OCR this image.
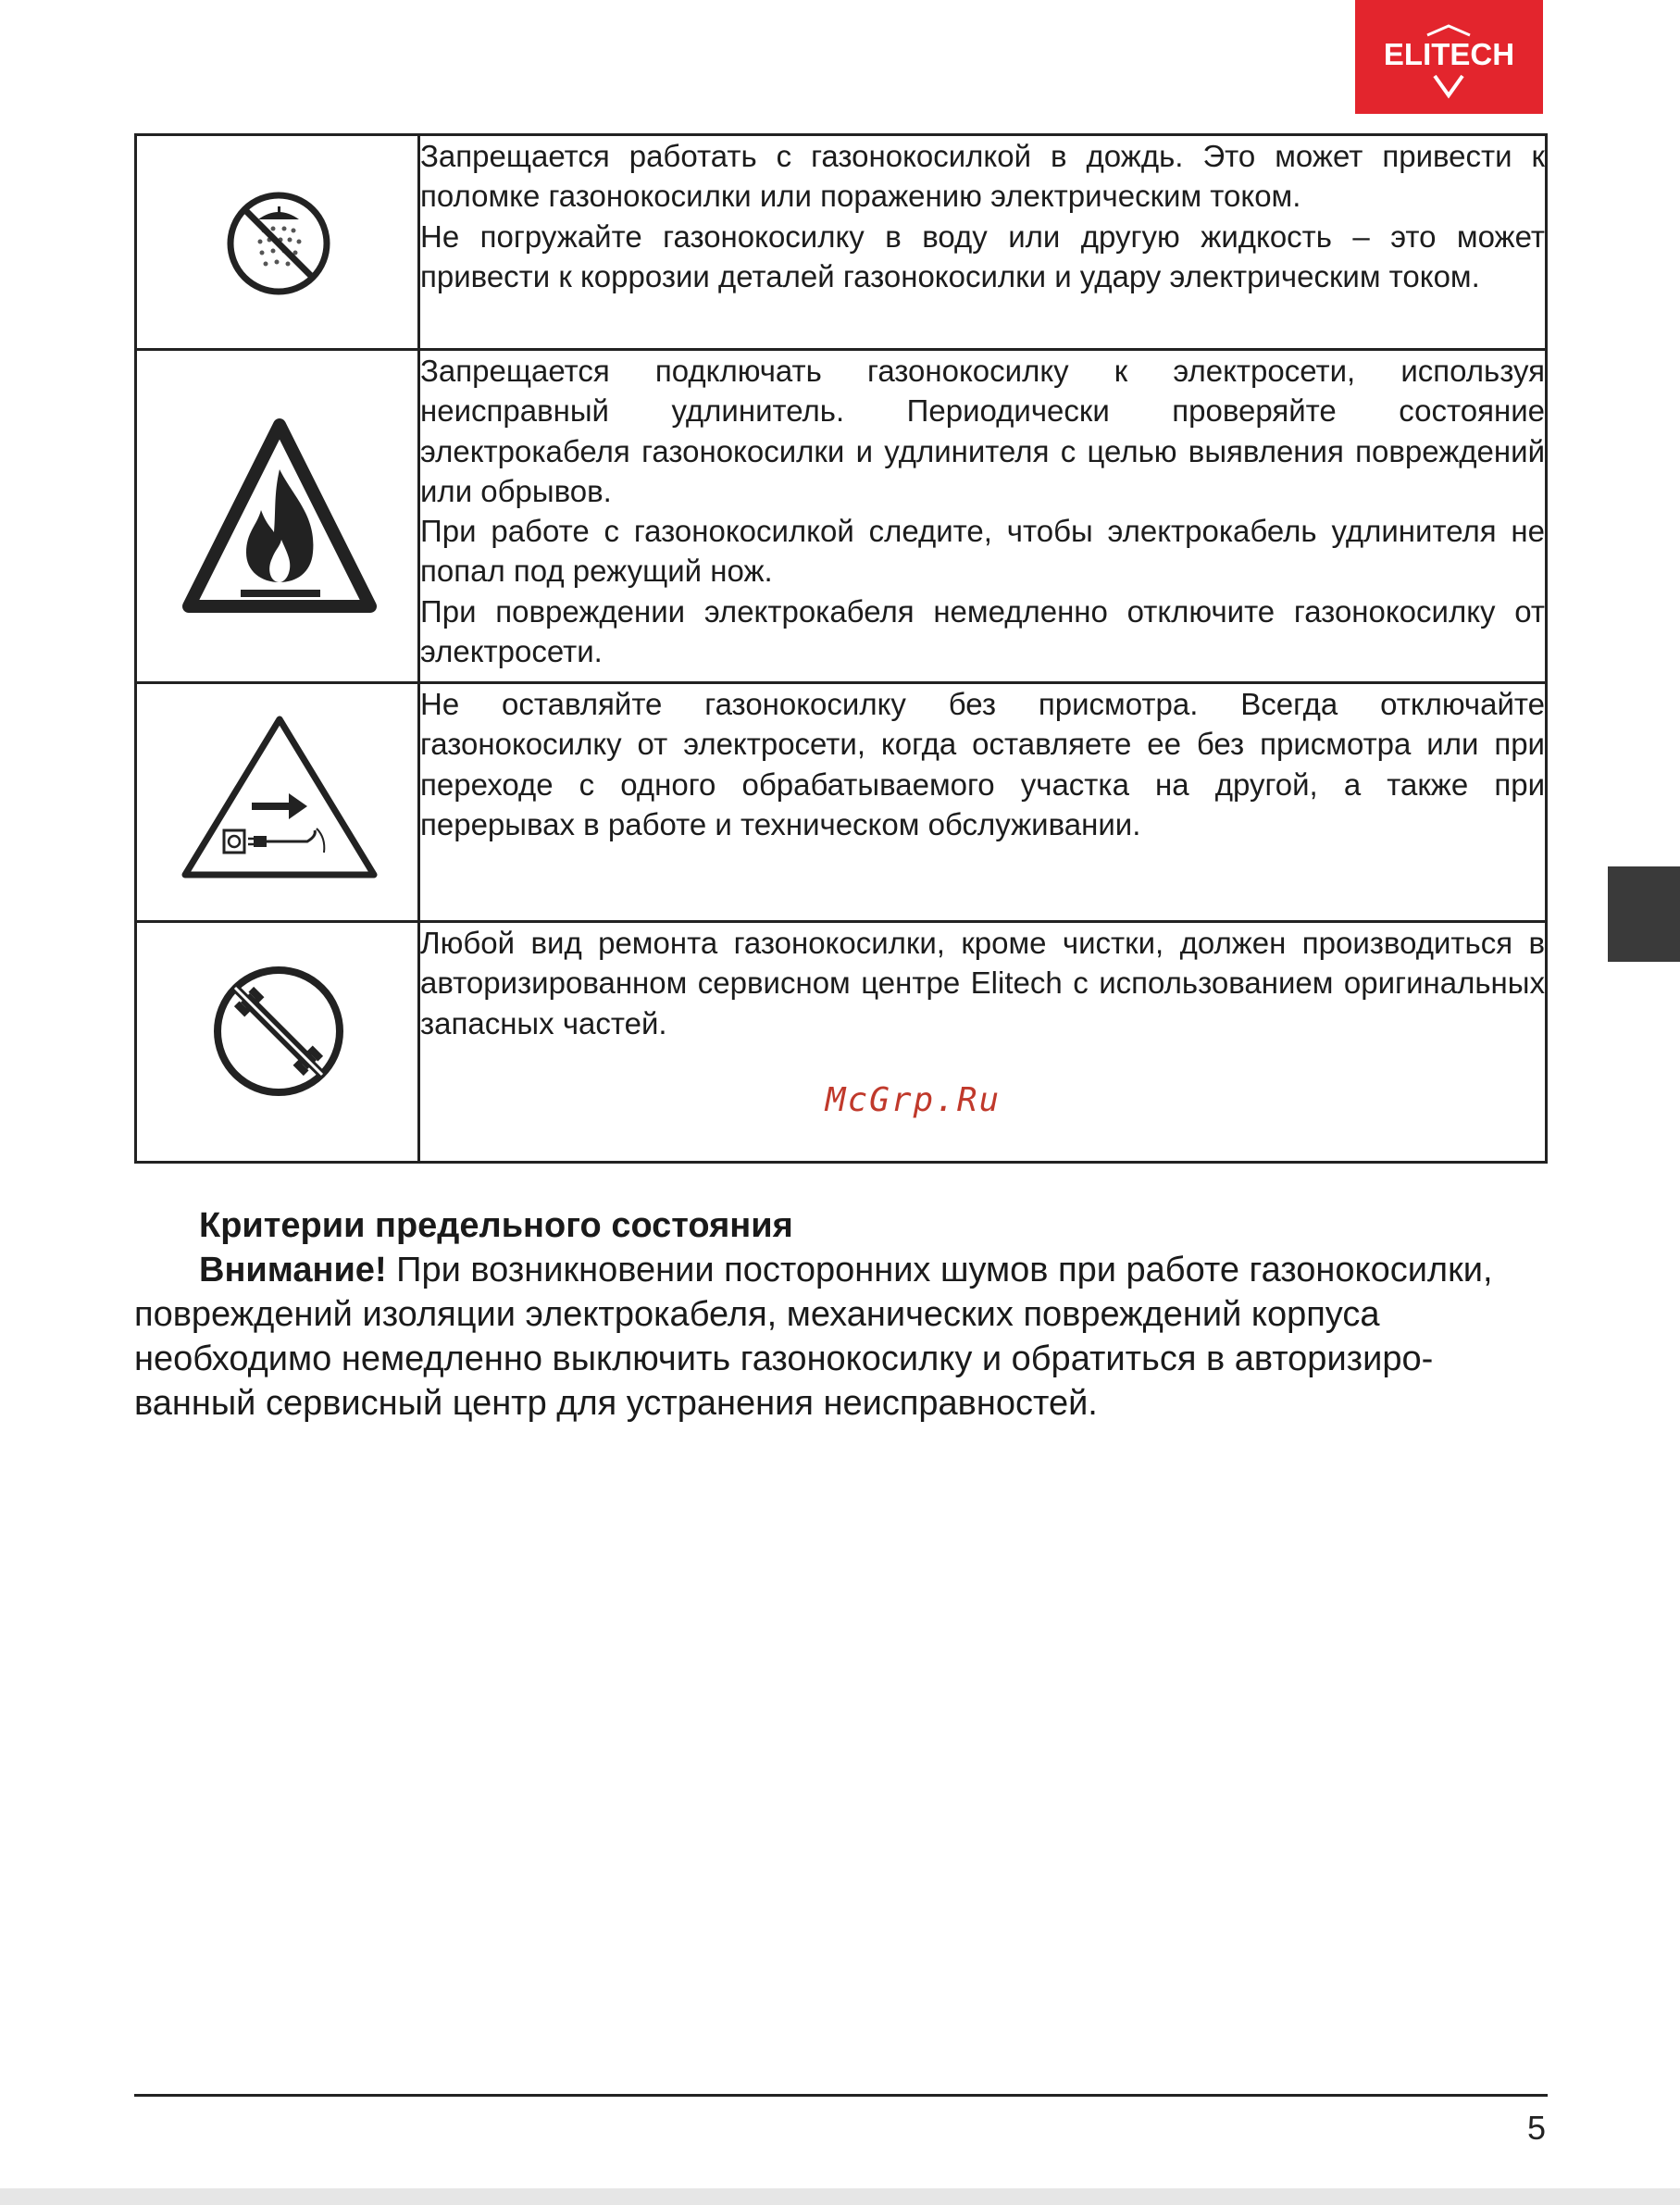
ELITECH

Запрещается работать с газонокосилкой в дождь. Это может привести к поломке газонокосилки или поражению электрическим током.

Не погружайте газонокосилку в воду или другую жидкость – это может привести к коррозии деталей газонокосилки и удару электрическим током.

Запрещается подключать газонокосилку к электросети, используя неисправный удлинитель. Периодически проверяйте состояние электрокабеля газонокосилки и удлинителя с целью выявления повреждений или обрывов.

При работе с газонокосилкой следите, чтобы электрокабель удлинителя не попал под режущий нож.

При повреждении электрокабеля немедленно отключите газонокосилку от электросети.

Не оставляйте газонокосилку без присмотра. Всегда отключайте газонокосилку от электросети, когда оставляете ее без присмотра или при переходе с одного обрабатываемого участка на другой, а также при перерывах в работе и техническом обслуживании.

Любой вид ремонта газонокосилки, кроме чистки, должен производиться в авторизированном сервисном центре Elitech с использованием оригинальных запасных частей.

McGrp.Ru

Критерии предельного состояния

Внимание! При возникновении посторонних шумов при работе газонокосилки, повреждений изоляции электрокабеля, механических повреждений корпуса необходимо немедленно выключить газонокосилку и обратиться в авторизированный сервисный центр для устранения неисправностей.

5
